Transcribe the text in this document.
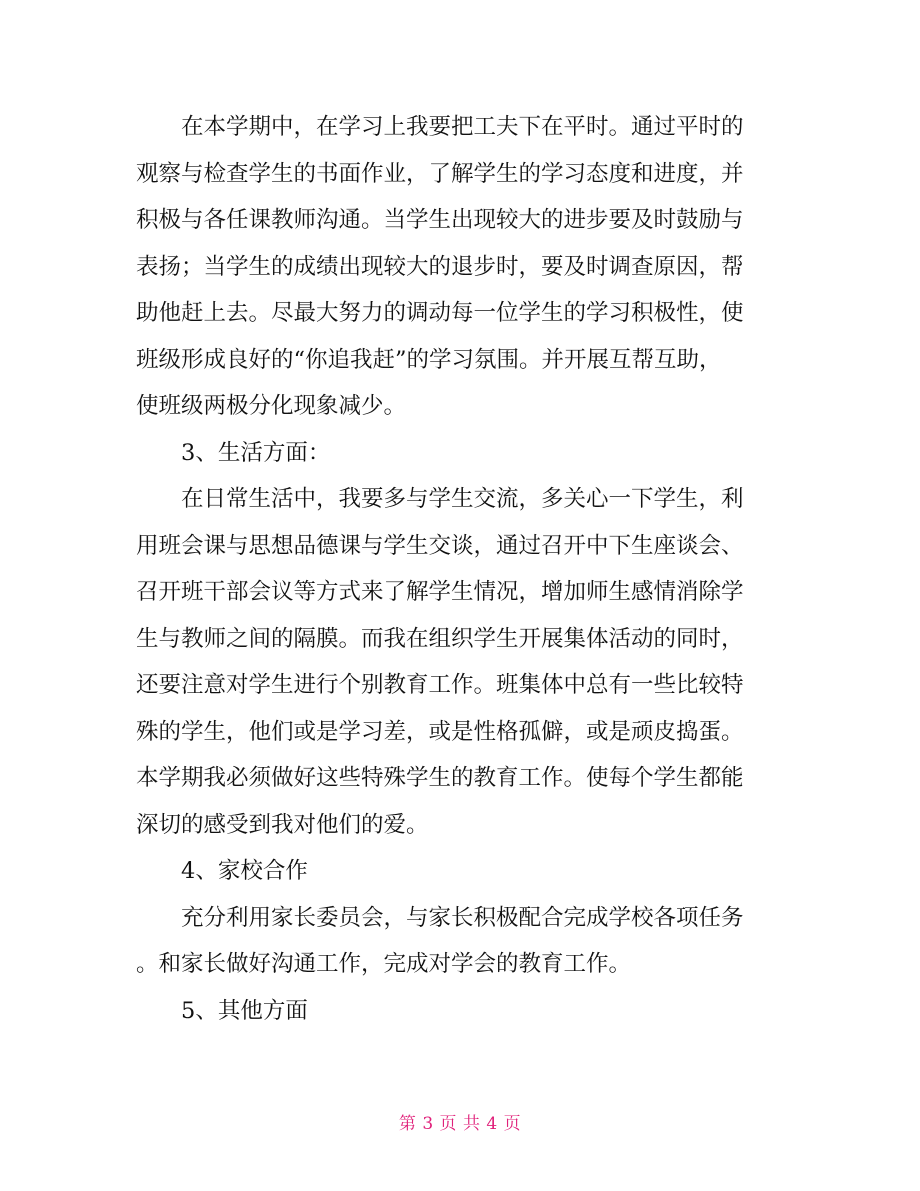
在本学期中，在学习上我要把工夫下在平时。通过平时的
观察与检查学生的书面作业，了解学生的学习态度和进度，并
积极与各任课教师沟通。当学生出现较大的进步要及时鼓励与
表扬；当学生的成绩出现较大的退步时，要及时调查原因，帮
助他赶上去。尽最大努力的调动每一位学生的学习积极性，使
班级形成良好的“你追我赶”的学习氛围。并开展互帮互助，
使班级两极分化现象减少。
3、生活方面：
在日常生活中，我要多与学生交流，多关心一下学生，利
用班会课与思想品德课与学生交谈，通过召开中下生座谈会、
召开班干部会议等方式来了解学生情况，增加师生感情消除学
生与教师之间的隔膜。而我在组织学生开展集体活动的同时，
还要注意对学生进行个别教育工作。班集体中总有一些比较特
殊的学生，他们或是学习差，或是性格孤僻，或是顽皮捣蛋。
本学期我必须做好这些特殊学生的教育工作。使每个学生都能
深切的感受到我对他们的爱。
4、家校合作
充分利用家长委员会，与家长积极配合完成学校各项任务
。和家长做好沟通工作，完成对学会的教育工作。
5、其他方面
第 3 页 共 4 页
